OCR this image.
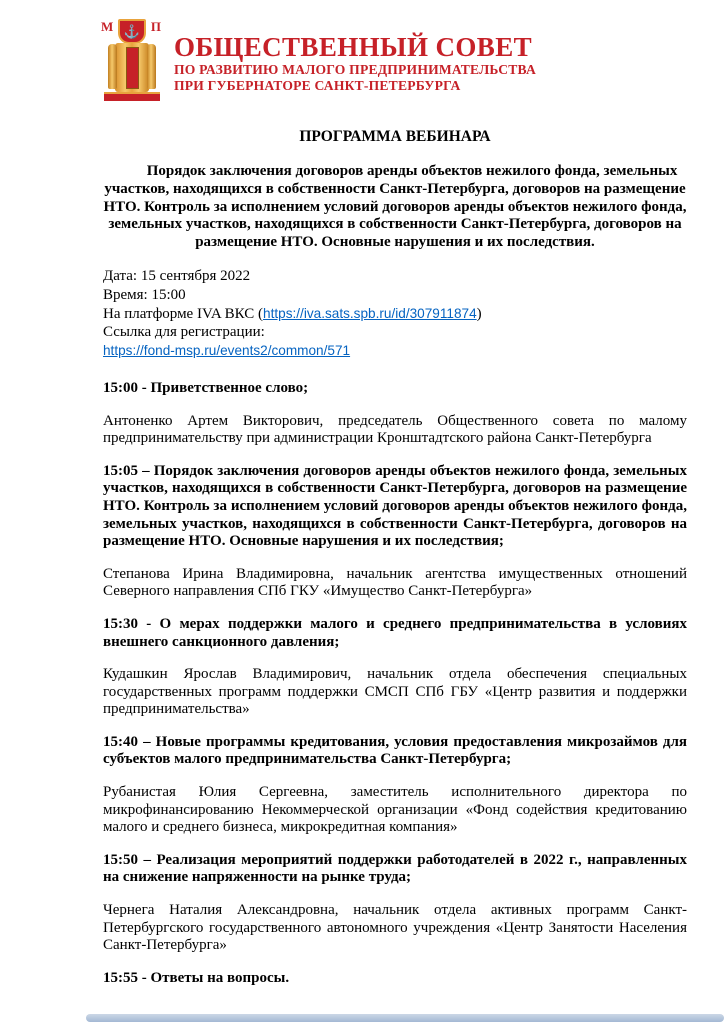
М	П
⚓
ОБЩЕСТВЕННЫЙ СОВЕТ
ПО РАЗВИТИЮ МАЛОГО ПРЕДПРИНИМАТЕЛЬСТВА
ПРИ ГУБЕРНАТОРЕ САНКТ-ПЕТЕРБУРГА
ПРОГРАММА ВЕБИНАРА

Порядок заключения договоров аренды объектов нежилого фонда, земельных участков, находящихся в собственности Санкт-Петербурга, договоров на размещение НТО. Контроль за исполнением условий договоров аренды объектов нежилого фонда, земельных участков, находящихся в собственности Санкт-Петербурга, договоров на размещение НТО. Основные нарушения и их последствия.

Дата: 15 сентября 2022
Время: 15:00
На платформе IVA ВКС (https://iva.sats.spb.ru/id/307911874)
Ссылка для регистрации:
https://fond-msp.ru/events2/common/571

15:00 - Приветственное слово;

Антоненко Артем Викторович, председатель Общественного совета по малому предпринимательству при администрации Кронштадтского района Санкт-Петербурга

15:05 – Порядок заключения договоров аренды объектов нежилого фонда, земельных участков, находящихся в собственности Санкт-Петербурга, договоров на размещение НТО. Контроль за исполнением условий договоров аренды объектов нежилого фонда, земельных участков, находящихся в собственности Санкт-Петербурга, договоров на размещение НТО. Основные нарушения и их последствия;

Степанова Ирина Владимировна, начальник агентства имущественных отношений Северного направления СПб ГКУ «Имущество Санкт-Петербурга»

15:30 - О мерах поддержки малого и среднего предпринимательства в условиях внешнего санкционного давления;

Кудашкин Ярослав Владимирович, начальник отдела обеспечения специальных государственных программ поддержки СМСП СПб ГБУ «Центр развития и поддержки предпринимательства»

15:40 – Новые программы кредитования, условия предоставления микрозаймов для субъектов малого предпринимательства Санкт-Петербурга;

Рубанистая Юлия Сергеевна, заместитель исполнительного директора по микрофинансированию Некоммерческой организации «Фонд содействия кредитованию малого и среднего бизнеса, микрокредитная компания»

15:50 – Реализация мероприятий поддержки работодателей в 2022 г., направленных на снижение напряженности на рынке труда;

Чернега Наталия Александровна, начальник отдела активных программ Санкт-Петербургского государственного автономного учреждения «Центр Занятости Населения Санкт-Петербурга»

15:55 - Ответы на вопросы.
